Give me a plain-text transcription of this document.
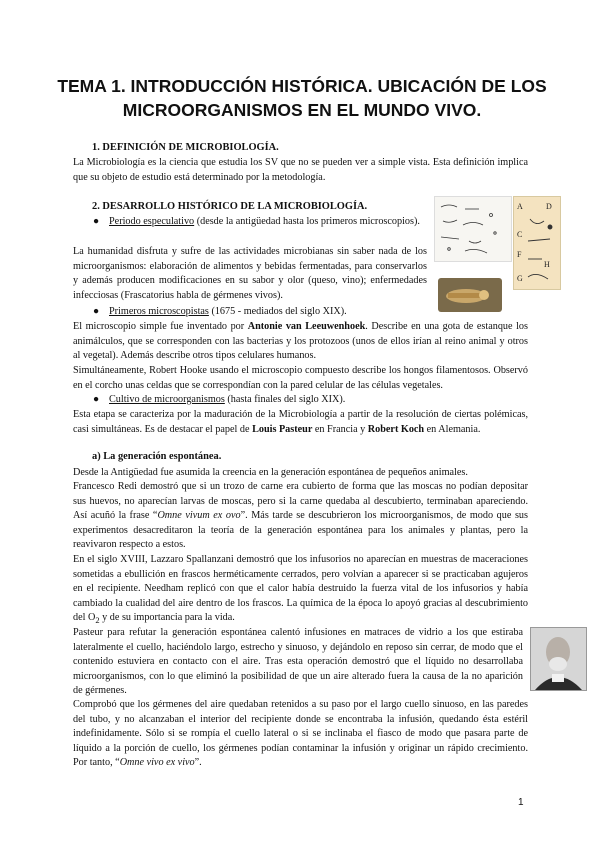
TEMA 1. INTRODUCCIÓN HISTÓRICA. UBICACIÓN DE LOS MICROORGANISMOS EN EL MUNDO VIVO.
1. DEFINICIÓN DE MICROBIOLOGÍA.
La Microbiología es la ciencia que estudia los SV que no se pueden ver a simple vista. Esta definición implica que su objeto de estudio está determinado por la metodología.
2. DESARROLLO HISTÓRICO DE LA MICROBIOLOGÍA.
● Periodo especulativo (desde la antigüedad hasta los primeros microscopios).
La humanidad disfruta y sufre de las actividades microbianas sin saber nada de los microorganismos: elaboración de alimentos y bebidas fermentadas, para conservarlos y además producen modificaciones en su sabor y olor (queso, vino); enfermedades infecciosas (Frascatorius habla de gérmenes vivos).
● Primeros microscopistas (1675 - mediados del siglo XIX).
El microscopio simple fue inventado por Antonie van Leeuwenhoek. Describe en una gota de estanque los animálculos, que se corresponden con las bacterias y los protozoos (unos de ellos irían al reino animal y otros al vegetal). Además describe otros tipos celulares humanos.
Simultáneamente, Robert Hooke usando el microscopio compuesto describe los hongos filamentosos. Observó en el corcho unas celdas que se correspondían con la pared celular de las células vegetales.
● Cultivo de microorganismos (hasta finales del siglo XIX).
Esta etapa se caracteriza por la maduración de la Microbiología a partir de la resolución de ciertas polémicas, casi simultáneas. Es de destacar el papel de Louis Pasteur en Francia y Robert Koch en Alemania.
a) La generación espontánea.
Desde la Antigüedad fue asumida la creencia en la generación espontánea de pequeños animales.
Francesco Redi demostró que si un trozo de carne era cubierto de forma que las moscas no podían depositar sus huevos, no aparecían larvas de moscas, pero si la carne quedaba al descubierto, terminaban apareciendo. Así acuñó la frase “Omne vivum ex ovo”. Más tarde se descubrieron los microorganismos, de modo que sus experimentos desacreditaron la teoría de la generación espontánea para los animales y plantas, pero la reavivaron respecto a estos.
En el siglo XVIII, Lazzaro Spallanzani demostró que los infusorios no aparecían en muestras de maceraciones sometidas a ebullición en frascos herméticamente cerrados, pero volvían a aparecer si se practicaban agujeros en el recipiente. Needham replicó con que el calor había destruido la fuerza vital de los infusorios y había cambiado la cualidad del aire dentro de los frascos. La química de la época lo apoyó gracias al descubrimiento del $O_2$ y de su importancia para la vida.
Pasteur para refutar la generación espontánea calentó infusiones en matraces de vidrio a los que estiraba lateralmente el cuello, haciéndolo largo, estrecho y sinuoso, y dejándolo en reposo sin cerrar, de modo que el contenido estuviera en contacto con el aire. Tras esta operación demostró que el líquido no desarrollaba microorganismos, con lo que eliminó la posibilidad de que un aire alterado fuera la causa de la no aparición de gérmenes.
Comprobó que los gérmenes del aire quedaban retenidos a su paso por el largo cuello sinuoso, en las paredes del tubo, y no alcanzaban el interior del recipiente donde se encontraba la infusión, quedando ésta estéril indefinidamente. Sólo si se rompía el cuello lateral o si se inclinaba el fiasco de modo que pasara parte de líquido a la porción de cuello, los gérmenes podían contaminar la infusión y originar un rápido crecimiento. Por tanto, “Omne vivo ex vivo”.
A	D
C
F
G
H
1
